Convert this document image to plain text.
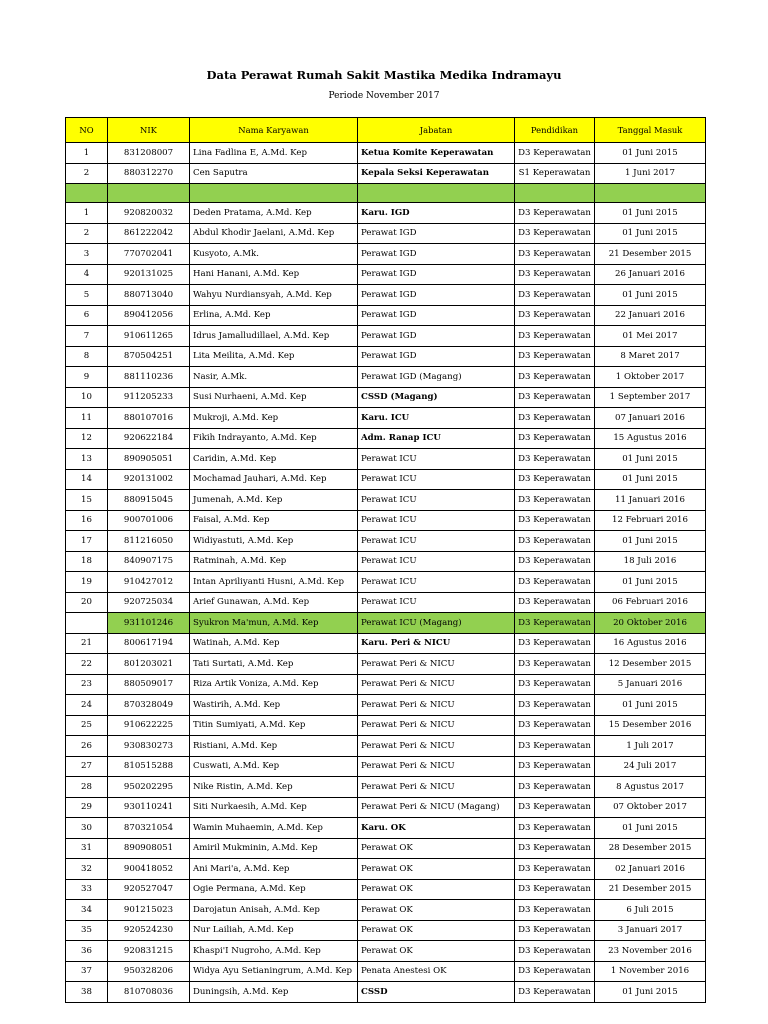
Data Perawat Rumah Sakit Mastika Medika Indramayu
Periode November 2017
NO	NIK	Nama Karyawan	Jabatan	Pendidikan	Tanggal Masuk
1	831208007	Lina Fadlina E, A.Md. Kep	Ketua Komite Keperawatan	D3 Keperawatan	01 Juni 2015
2	880312270	Cen Saputra	Kepala Seksi Keperawatan	S1 Keperawatan	1 Juni 2017

1	920820032	Deden Pratama, A.Md. Kep	Karu. IGD	D3 Keperawatan	01 Juni 2015
2	861222042	Abdul Khodir Jaelani, A.Md. Kep	Perawat IGD	D3 Keperawatan	01 Juni 2015
3	770702041	Kusyoto, A.Mk.	Perawat IGD	D3 Keperawatan	21 Desember 2015
4	920131025	Hani Hanani, A.Md. Kep	Perawat IGD	D3 Keperawatan	26 Januari 2016
5	880713040	Wahyu Nurdiansyah, A.Md. Kep	Perawat IGD	D3 Keperawatan	01 Juni 2015
6	890412056	Erlina, A.Md. Kep	Perawat IGD	D3 Keperawatan	22 Januari 2016
7	910611265	Idrus Jamalludillael, A.Md. Kep	Perawat IGD	D3 Keperawatan	01 Mei 2017
8	870504251	Lita Meilita, A.Md. Kep	Perawat IGD	D3 Keperawatan	8 Maret 2017
9	881110236	Nasir, A.Mk.	Perawat IGD (Magang)	D3 Keperawatan	1 Oktober 2017
10	911205233	Susi Nurhaeni, A.Md. Kep	CSSD (Magang)	D3 Keperawatan	1 September 2017
11	880107016	Mukroji, A.Md. Kep	Karu. ICU	D3 Keperawatan	07 Januari 2016
12	920622184	Fikih Indrayanto, A.Md. Kep	Adm. Ranap ICU	D3 Keperawatan	15 Agustus 2016
13	890905051	Caridin, A.Md. Kep	Perawat ICU	D3 Keperawatan	01 Juni 2015
14	920131002	Mochamad Jauhari, A.Md. Kep	Perawat ICU	D3 Keperawatan	01 Juni 2015
15	880915045	Jumenah, A.Md. Kep	Perawat ICU	D3 Keperawatan	11 Januari 2016
16	900701006	Faisal, A.Md. Kep	Perawat ICU	D3 Keperawatan	12 Februari 2016
17	811216050	Widiyastuti, A.Md. Kep	Perawat ICU	D3 Keperawatan	01 Juni 2015
18	840907175	Ratminah, A.Md. Kep	Perawat ICU	D3 Keperawatan	18 Juli 2016
19	910427012	Intan Apriliyanti Husni, A.Md. Kep	Perawat ICU	D3 Keperawatan	01 Juni 2015
20	920725034	Arief Gunawan, A.Md. Kep	Perawat ICU	D3 Keperawatan	06 Februari 2016
	931101246	Syukron Ma'mun, A.Md. Kep	Perawat ICU (Magang)	D3 Keperawatan	20 Oktober 2016
21	800617194	Watinah, A.Md. Kep	Karu. Peri & NICU	D3 Keperawatan	16 Agustus 2016
22	801203021	Tati Surtati, A.Md. Kep	Perawat Peri & NICU	D3 Keperawatan	12 Desember 2015
23	880509017	Riza Artik Voniza, A.Md. Kep	Perawat Peri & NICU	D3 Keperawatan	5 Januari 2016
24	870328049	Wastirih, A.Md. Kep	Perawat Peri & NICU	D3 Keperawatan	01 Juni 2015
25	910622225	Titin Sumiyati, A.Md. Kep	Perawat Peri & NICU	D3 Keperawatan	15 Desember 2016
26	930830273	Ristiani, A.Md. Kep	Perawat Peri & NICU	D3 Keperawatan	1 Juli 2017
27	810515288	Cuswati, A.Md. Kep	Perawat Peri & NICU	D3 Keperawatan	24 Juli 2017
28	950202295	Nike Ristin, A.Md. Kep	Perawat Peri & NICU	D3 Keperawatan	8 Agustus 2017
29	930110241	Siti Nurkaesih, A.Md. Kep	Perawat Peri & NICU (Magang)	D3 Keperawatan	07 Oktober 2017
30	870321054	Wamin Muhaemin, A.Md. Kep	Karu. OK	D3 Keperawatan	01 Juni 2015
31	890908051	Amiril Mukminin, A.Md. Kep	Perawat OK	D3 Keperawatan	28 Desember 2015
32	900418052	Ani Mari'a, A.Md. Kep	Perawat OK	D3 Keperawatan	02 Januari 2016
33	920527047	Ogie Permana, A.Md. Kep	Perawat OK	D3 Keperawatan	21 Desember 2015
34	901215023	Darojatun Anisah, A.Md. Kep	Perawat OK	D3 Keperawatan	6 Juli 2015
35	920524230	Nur Lailiah, A.Md. Kep	Perawat OK	D3 Keperawatan	3 Januari 2017
36	920831215	Khaspi'I Nugroho, A.Md. Kep	Perawat OK	D3 Keperawatan	23 November 2016
37	950328206	Widya Ayu Setianingrum, A.Md. Kep	Penata Anestesi OK	D3 Keperawatan	1 November 2016
38	810708036	Duningsih, A.Md. Kep	CSSD	D3 Keperawatan	01 Juni 2015
